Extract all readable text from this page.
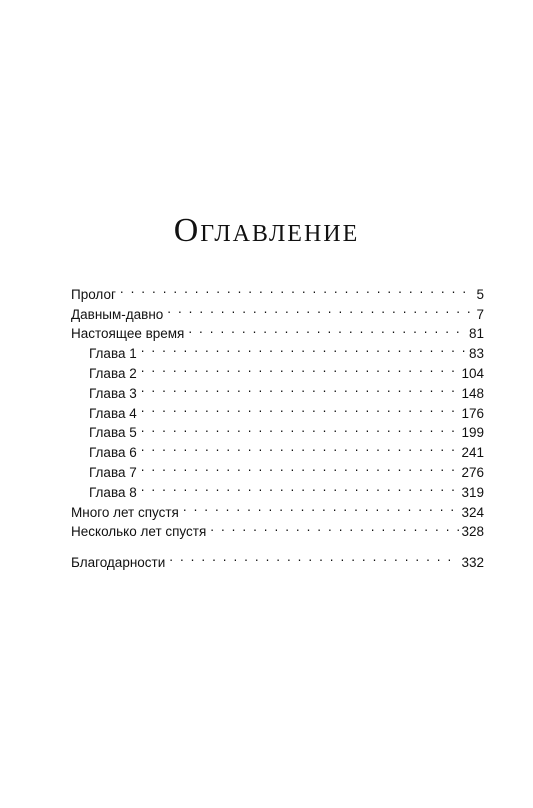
Оглавление
Пролог . . .	5
Давным-давно . . .	7
Настоящее время . . .	81
Глава 1 . . .	83
Глава 2 . . .	104
Глава 3 . . .	148
Глава 4 . . .	176
Глава 5 . . .	199
Глава 6 . . .	241
Глава 7 . . .	276
Глава 8 . . .	319
Много лет спустя . . .	324
Несколько лет спустя . . .	328
Благодарности . . .	332
